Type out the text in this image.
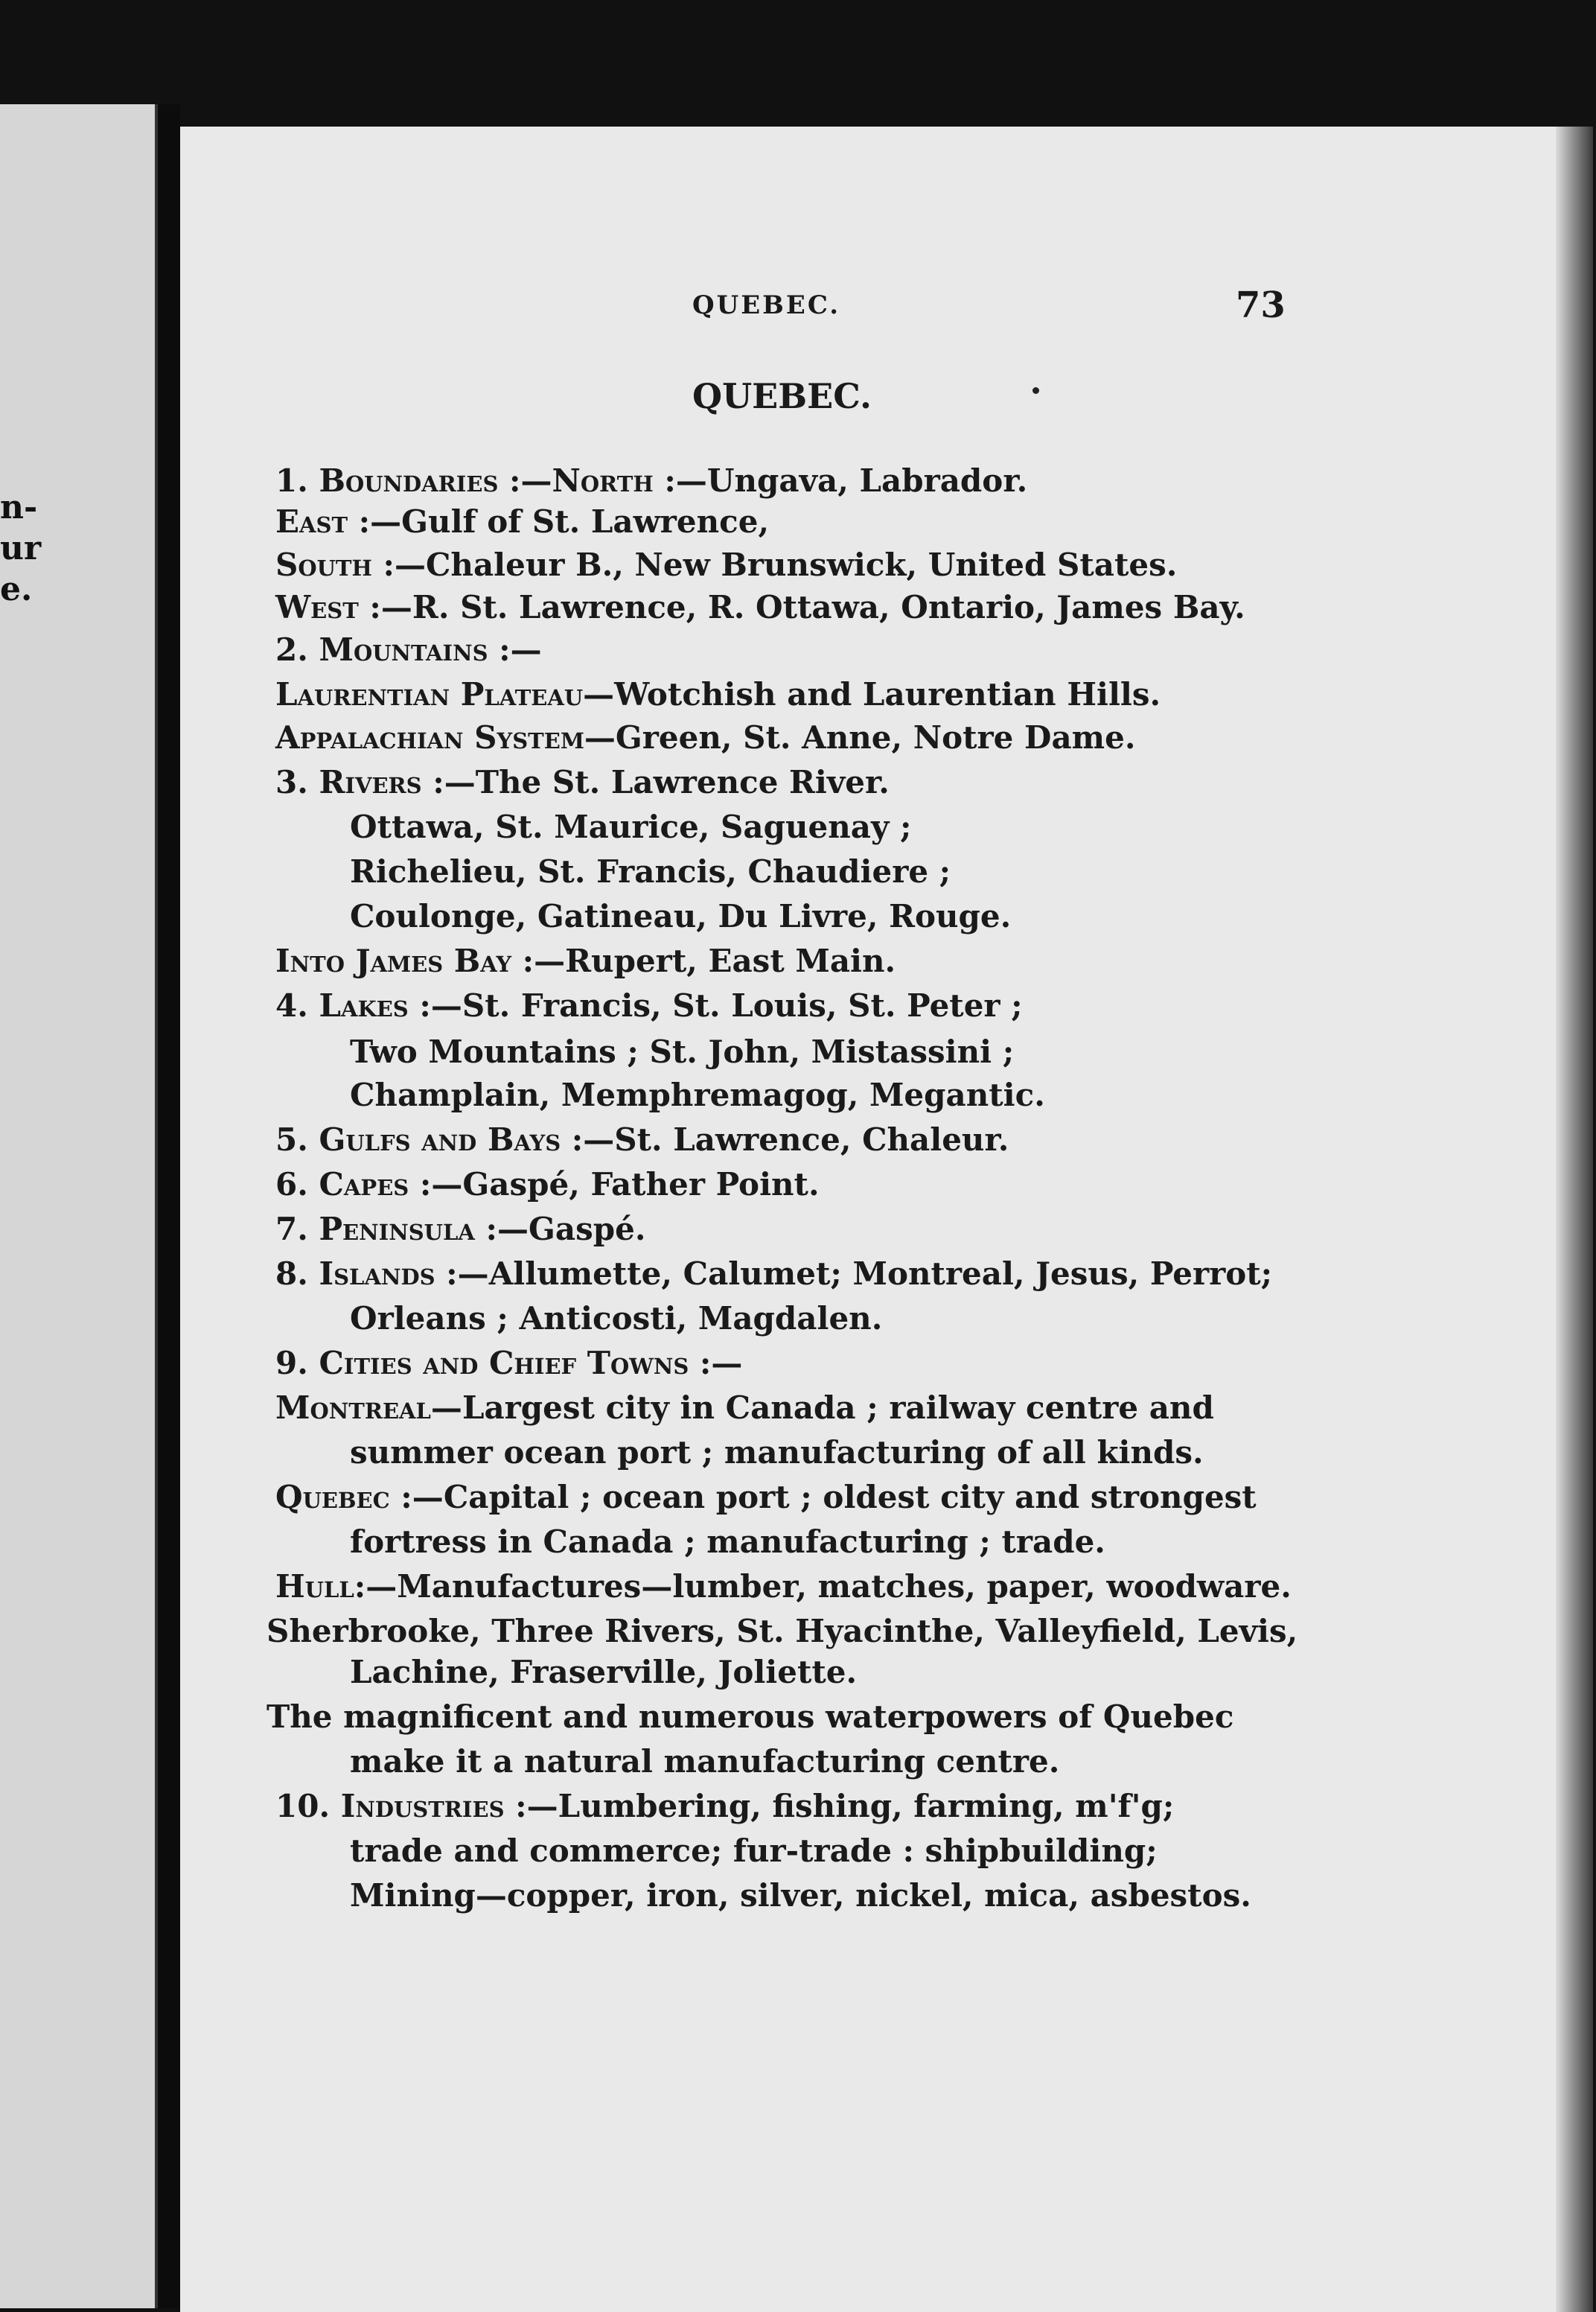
n-
ur
e.
QUEBEC.	73
QUEBEC.
1. Boundaries :—North :—Ungava, Labrador.
East :—Gulf of St. Lawrence,
South :—Chaleur B., New Brunswick, United States.
West :—R. St. Lawrence, R. Ottawa, Ontario, James Bay.
2. Mountains :—
Laurentian Plateau—Wotchish and Laurentian Hills.
Appalachian System—Green, St. Anne, Notre Dame.
3. Rivers :—The St. Lawrence River.
Ottawa, St. Maurice, Saguenay ;
Richelieu, St. Francis, Chaudiere ;
Coulonge, Gatineau, Du Livre, Rouge.
Into James Bay :—Rupert, East Main.
4. Lakes :—St. Francis, St. Louis, St. Peter ;
Two Mountains ; St. John, Mistassini ;
Champlain, Memphremagog, Megantic.
5. Gulfs and Bays :—St. Lawrence, Chaleur.
6. Capes :—Gaspé, Father Point.
7. Peninsula :—Gaspé.
8. Islands :—Allumette, Calumet; Montreal, Jesus, Perrot;
Orleans ; Anticosti, Magdalen.
9. Cities and Chief Towns :—
Montreal—Largest city in Canada ; railway centre and
summer ocean port ; manufacturing of all kinds.
Quebec :—Capital ; ocean port ; oldest city and strongest
fortress in Canada ; manufacturing ; trade.
Hull:—Manufactures—lumber, matches, paper, woodware.
Sherbrooke, Three Rivers, St. Hyacinthe, Valleyfield, Levis,
Lachine, Fraserville, Joliette.
The magnificent and numerous waterpowers of Quebec
make it a natural manufacturing centre.
10. Industries :—Lumbering, fishing, farming, m'f'g;
trade and commerce; fur-trade : shipbuilding;
Mining—copper, iron, silver, nickel, mica, asbestos.
